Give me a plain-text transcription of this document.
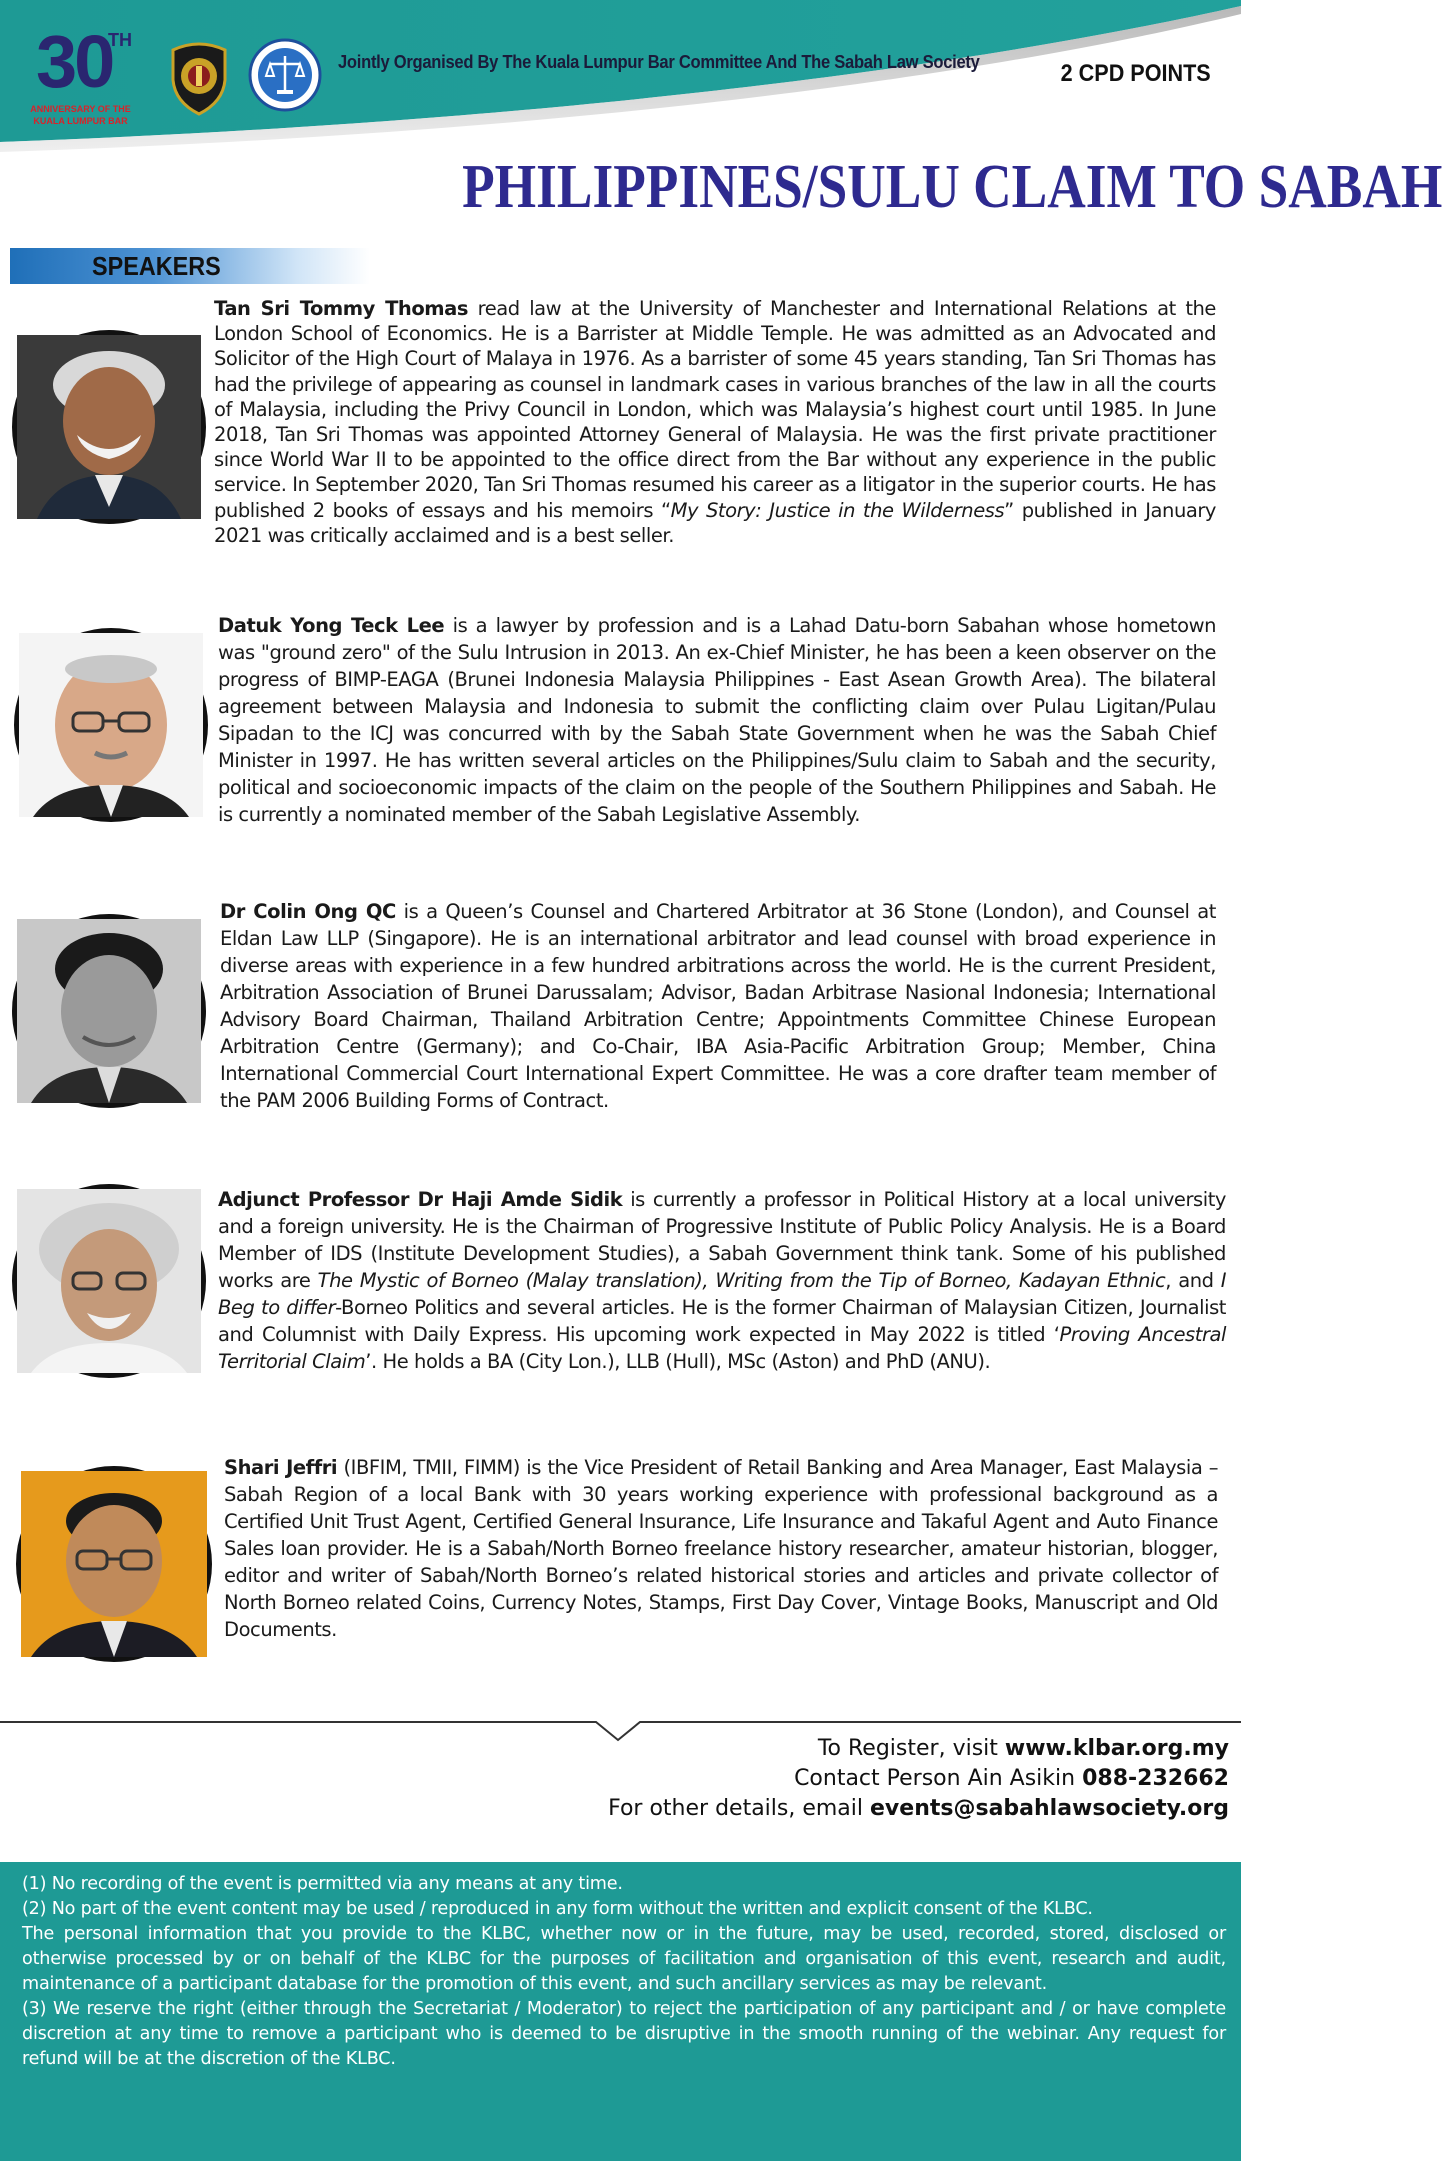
30
TH
ANNIVERSARY OF THE
KUALA LUMPUR BAR
Jointly Organised By The Kuala Lumpur Bar Committee And The Sabah Law Society	2 CPD POINTS
PHILIPPINES/SULU CLAIM TO SABAH
SPEAKERS
Tan Sri Tommy Thomas read law at the University of Manchester and International Relations at the London School of Economics. He is a Barrister at Middle Temple. He was admitted as an Advocated and Solicitor of the High Court of Malaya in 1976. As a barrister of some 45 years standing, Tan Sri Thomas has had the privilege of appearing as counsel in landmark cases in various branches of the law in all the courts of Malaysia, including the Privy Council in London, which was Malaysia’s highest court until 1985. In June 2018, Tan Sri Thomas was appointed Attorney General of Malaysia. He was the first private practitioner since World War II to be appointed to the office direct from the Bar without any experience in the public service. In September 2020, Tan Sri Thomas resumed his career as a litigator in the superior courts. He has published 2 books of essays and his memoirs “My Story: Justice in the Wilderness” published in January 2021 was critically acclaimed and is a best seller.
Datuk Yong Teck Lee is a lawyer by profession and is a Lahad Datu-born Sabahan whose hometown was "ground zero" of the Sulu Intrusion in 2013. An ex-Chief Minister, he has been a keen observer on the progress of BIMP-EAGA (Brunei Indonesia Malaysia Philippines - East Asean Growth Area). The bilateral agreement between Malaysia and Indonesia to submit the conflicting claim over Pulau Ligitan/Pulau Sipadan to the ICJ was concurred with by the Sabah State Government when he was the Sabah Chief Minister in 1997. He has written several articles on the Philippines/Sulu claim to Sabah and the security, political and socioeconomic impacts of the claim on the people of the Southern Philippines and Sabah. He is currently a nominated member of the Sabah Legislative Assembly.
Dr Colin Ong QC is a Queen’s Counsel and Chartered Arbitrator at 36 Stone (London), and Counsel at Eldan Law LLP (Singapore). He is an international arbitrator and lead counsel with broad experience in diverse areas with experience in a few hundred arbitrations across the world. He is the current President, Arbitration Association of Brunei Darussalam; Advisor, Badan Arbitrase Nasional Indonesia; International Advisory Board Chairman, Thailand Arbitration Centre; Appointments Committee Chinese European Arbitration Centre (Germany); and Co-Chair, IBA Asia-Pacific Arbitration Group; Member, China International Commercial Court International Expert Committee. He was a core drafter team member of the PAM 2006 Building Forms of Contract.
Adjunct Professor Dr Haji Amde Sidik is currently a professor in Political History at a local university and a foreign university. He is the Chairman of Progressive Institute of Public Policy Analysis. He is a Board Member of IDS (Institute Development Studies), a Sabah Government think tank. Some of his published works are The Mystic of Borneo (Malay translation), Writing from the Tip of Borneo, Kadayan Ethnic, and I Beg to differ-Borneo Politics and several articles. He is the former Chairman of Malaysian Citizen, Journalist and Columnist with Daily Express. His upcoming work expected in May 2022 is titled ‘Proving Ancestral Territorial Claim’. He holds a BA (City Lon.), LLB (Hull), MSc (Aston) and PhD (ANU).
Shari Jeffri (IBFIM, TMII, FIMM) is the Vice President of Retail Banking and Area Manager, East Malaysia – Sabah Region of a local Bank with 30 years working experience with professional background as a Certified Unit Trust Agent, Certified General Insurance, Life Insurance and Takaful Agent and Auto Finance Sales loan provider. He is a Sabah/North Borneo freelance history researcher, amateur historian, blogger, editor and writer of Sabah/North Borneo’s related historical stories and articles and private collector of North Borneo related Coins, Currency Notes, Stamps, First Day Cover, Vintage Books, Manuscript and Old Documents.
To Register, visit www.klbar.org.my
Contact Person Ain Asikin 088-232662
For other details, email events@sabahlawsociety.org

(1) No recording of the event is permitted via any means at any time.

(2) No part of the event content may be used / reproduced in any form without the written and explicit consent of the KLBC.

The personal information that you provide to the KLBC, whether now or in the future, may be used, recorded, stored, disclosed or otherwise processed by or on behalf of the KLBC for the purposes of facilitation and organisation of this event, research and audit, maintenance of a participant database for the promotion of this event, and such ancillary services as may be relevant.

(3) We reserve the right (either through the Secretariat / Moderator) to reject the participation of any participant and / or have complete discretion at any time to remove a participant who is deemed to be disruptive in the smooth running of the webinar. Any request for refund will be at the discretion of the KLBC.
